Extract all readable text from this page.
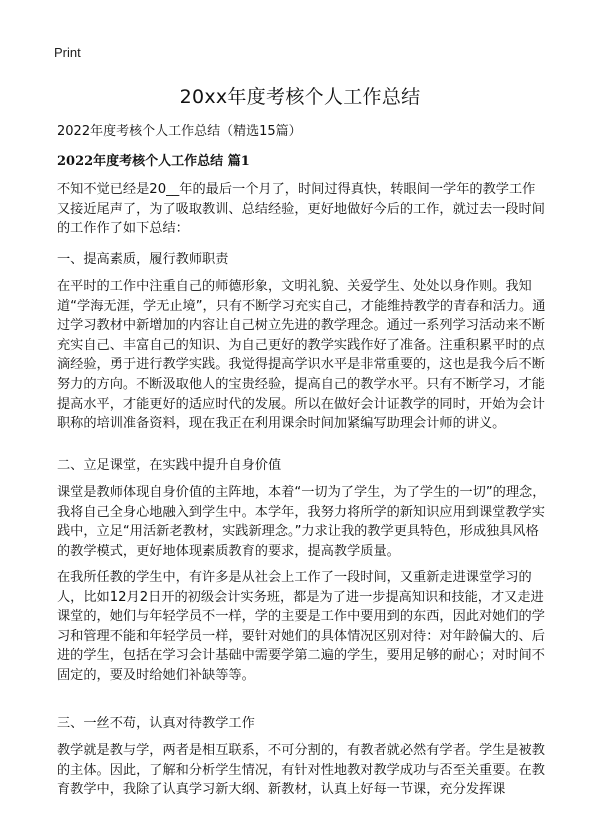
Print
20xx年度考核个人工作总结
2022年度考核个人工作总结（精选15篇）
2022年度考核个人工作总结 篇1
不知不觉已经是20__年的最后一个月了，时间过得真快，转眼间一学年的教学工作又接近尾声了，为了吸取教训、总结经验，更好地做好今后的工作，就过去一段时间的工作作了如下总结：
一、提高素质，履行教师职责
在平时的工作中注重自己的师德形象，文明礼貌、关爱学生、处处以身作则。我知道“学海无涯，学无止境”，只有不断学习充实自己，才能维持教学的青春和活力。通过学习教材中新增加的内容让自己树立先进的教学理念。通过一系列学习活动来不断充实自己、丰富自己的知识、为自己更好的教学实践作好了准备。注重积累平时的点滴经验，勇于进行教学实践。我觉得提高学识水平是非常重要的，这也是我今后不断努力的方向。不断汲取他人的宝贵经验，提高自己的教学水平。只有不断学习，才能提高水平，才能更好的适应时代的发展。所以在做好会计证教学的同时，开始为会计职称的培训准备资料，现在我正在利用课余时间加紧编写助理会计师的讲义。
二、立足课堂，在实践中提升自身价值
课堂是教师体现自身价值的主阵地，本着“一切为了学生，为了学生的一切”的理念，我将自己全身心地融入到学生中。本学年，我努力将所学的新知识应用到课堂教学实践中，立足“用活新老教材，实践新理念。”力求让我的教学更具特色，形成独具风格的教学模式，更好地体现素质教育的要求，提高教学质量。
在我所任教的学生中，有许多是从社会上工作了一段时间，又重新走进课堂学习的人，比如12月2日开的初级会计实务班，都是为了进一步提高知识和技能，才又走进课堂的，她们与年轻学员不一样，学的主要是工作中要用到的东西，因此对她们的学习和管理不能和年轻学员一样，要针对她们的具体情况区别对待：对年龄偏大的、后进的学生，包括在学习会计基础中需要学第二遍的学生，要用足够的耐心；对时间不固定的，要及时给她们补缺等等。
三、一丝不苟，认真对待教学工作
教学就是教与学，两者是相互联系，不可分割的，有教者就必然有学者。学生是被教的主体。因此，了解和分析学生情况，有针对性地教对教学成功与否至关重要。在教育教学中，我除了认真学习新大纲、新教材，认真上好每一节课，充分发挥课
